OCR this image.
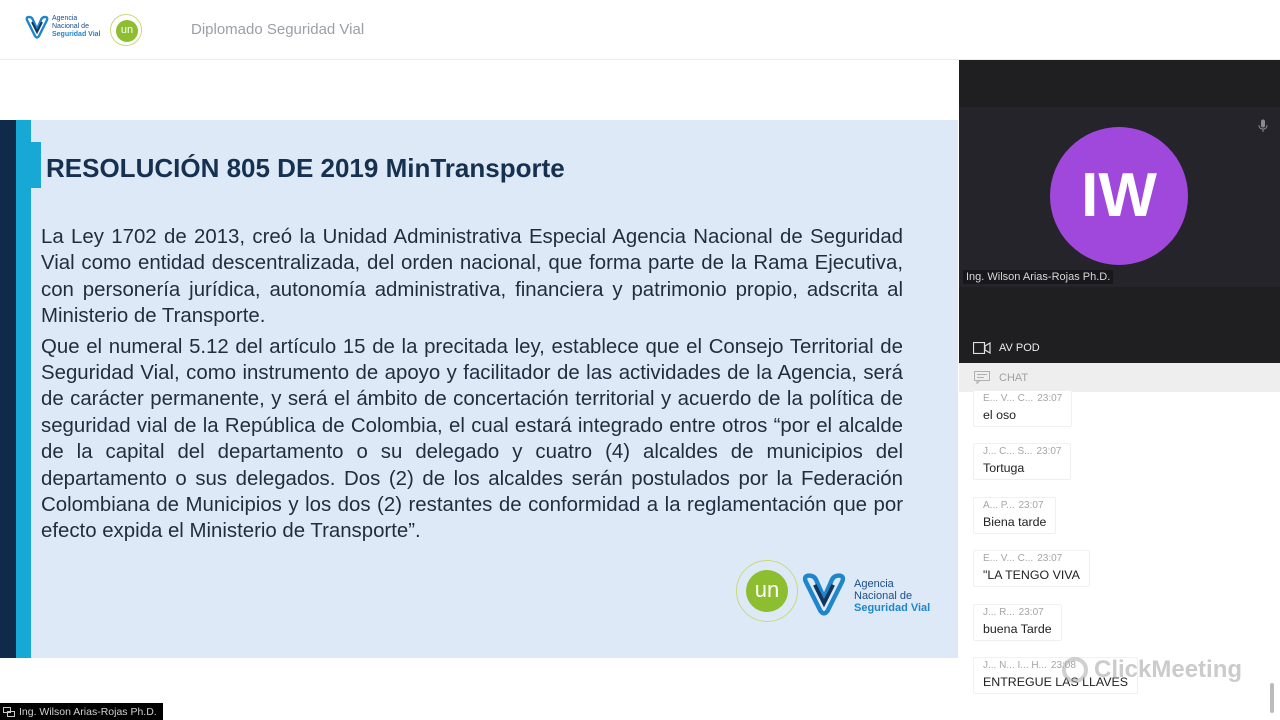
Agencia
Nacional de
Seguridad Vial	un	Diplomado Seguridad Vial
RESOLUCIÓN 805 DE 2019 MinTransporte

La Ley 1702 de 2013, creó la Unidad Administrativa Especial Agencia Nacional de Seguridad Vial como entidad descentralizada, del orden nacional, que forma parte de la Rama Ejecutiva, con personería jurídica, autonomía administrativa, financiera y patrimonio propio, adscrita al Ministerio de Transporte.

Que el numeral 5.12 del artículo 15 de la precitada ley, establece que el Consejo Territorial de Seguridad Vial, como instrumento de apoyo y facilitador de las actividades de la Agencia, será de carácter permanente, y será el ámbito de concertación territorial y acuerdo de la política de seguridad vial de la República de Colombia, el cual estará integrado entre otros “por el alcalde de la capital del departamento o su delegado y cuatro (4) alcaldes de municipios del departamento o sus delegados. Dos (2) de los alcaldes serán postulados por la Federación Colombiana de Municipios y los dos (2) restantes de conformidad a la reglamentación que por efecto expida el Ministerio de Transporte”.

un	Agencia
Nacional de
Seguridad Vial
IW
Ing. Wilson Arias-Rojas Ph.D.
AV POD
CHAT
E... V... C... 23:07
el oso
J... C... S... 23:07
Tortuga
A... P... 23:07
Biena tarde
E... V... C... 23:07
"LA TENGO VIVA
J... R... 23:07
buena Tarde
J... N... I... H... 23:08
ENTREGUE LAS LLAVES
ClickMeeting
Ing. Wilson Arias-Rojas Ph.D.
